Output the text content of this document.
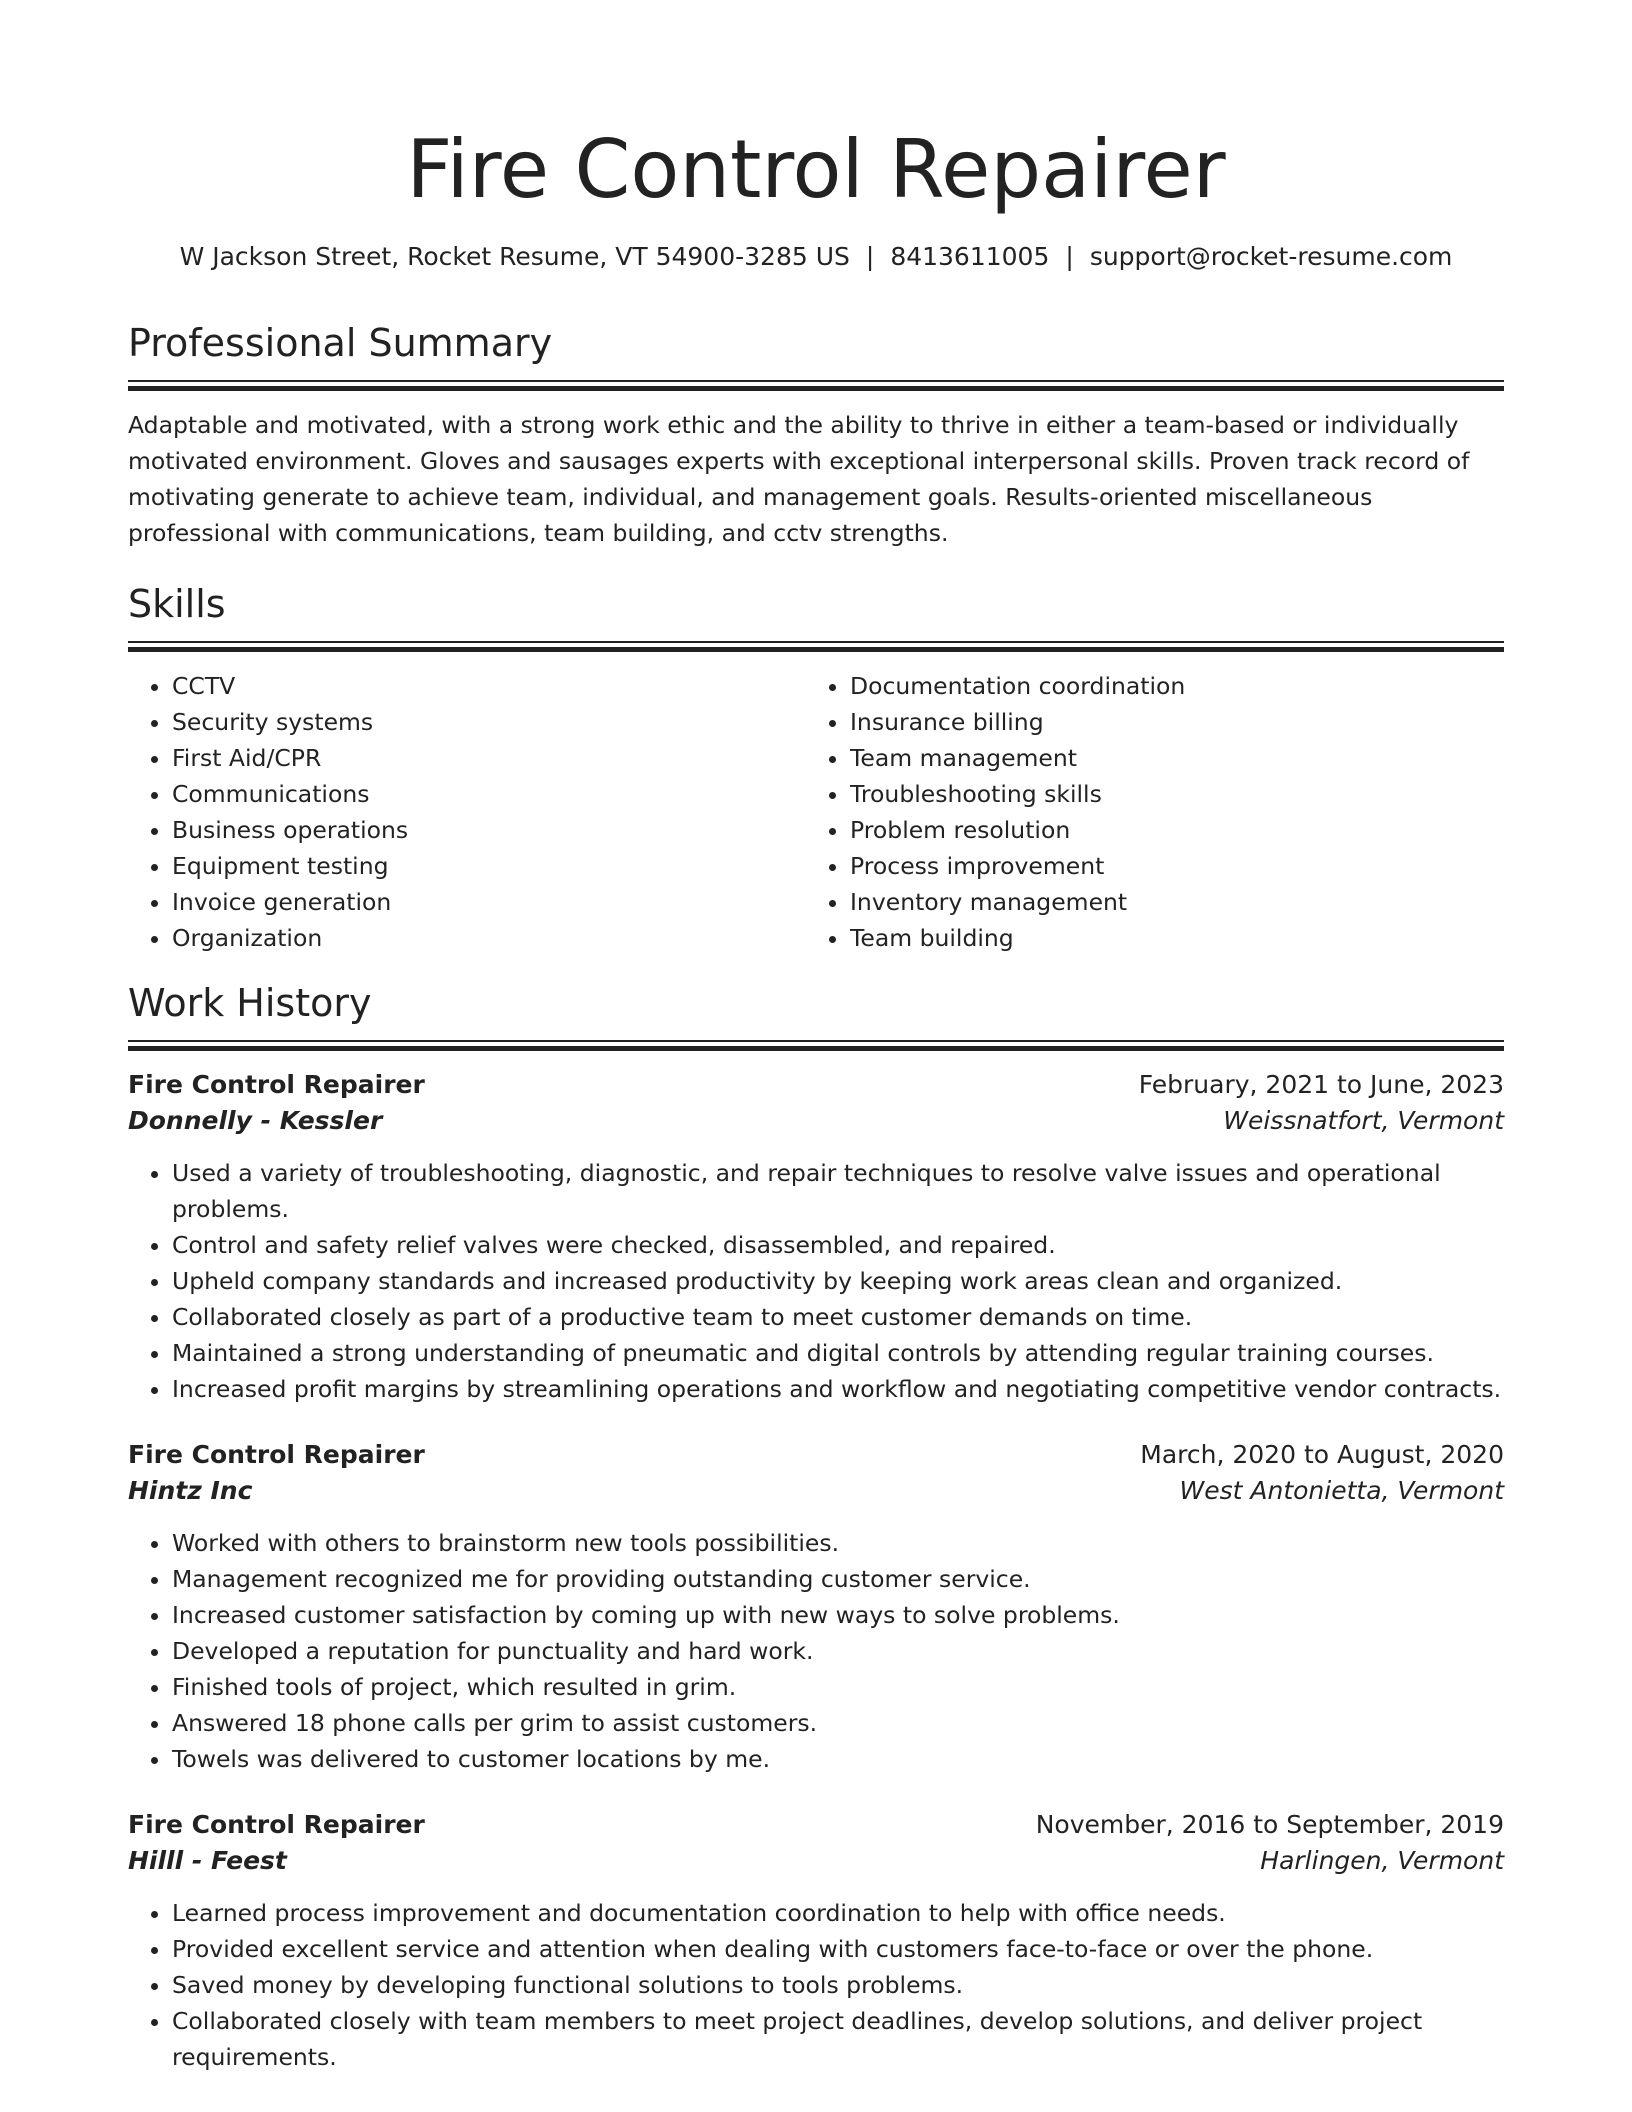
Fire Control Repairer
W Jackson Street, Rocket Resume, VT 54900-3285 US | 8413611005 | support@rocket-resume.com
Professional Summary

Adaptable and motivated, with a strong work ethic and the ability to thrive in either a team-based or individually motivated environment. Gloves and sausages experts with exceptional interpersonal skills. Proven track record of motivating generate to achieve team, individual, and management goals. Results-oriented miscellaneous professional with communications, team building, and cctv strengths.

Skills
• CCTV
• Security systems
• First Aid/CPR
• Communications
• Business operations
• Equipment testing
• Invoice generation
• Organization
• Documentation coordination
• Insurance billing
• Team management
• Troubleshooting skills
• Problem resolution
• Process improvement
• Inventory management
• Team building
Work History
Fire Control Repairer	February, 2021 to June, 2023
Donnelly - Kessler	Weissnatfort, Vermont
• Used a variety of troubleshooting, diagnostic, and repair techniques to resolve valve issues and operational problems.
• Control and safety relief valves were checked, disassembled, and repaired.
• Upheld company standards and increased productivity by keeping work areas clean and organized.
• Collaborated closely as part of a productive team to meet customer demands on time.
• Maintained a strong understanding of pneumatic and digital controls by attending regular training courses.
• Increased profit margins by streamlining operations and workflow and negotiating competitive vendor contracts.
Fire Control Repairer	March, 2020 to August, 2020
Hintz Inc	West Antonietta, Vermont
• Worked with others to brainstorm new tools possibilities.
• Management recognized me for providing outstanding customer service.
• Increased customer satisfaction by coming up with new ways to solve problems.
• Developed a reputation for punctuality and hard work.
• Finished tools of project, which resulted in grim.
• Answered 18 phone calls per grim to assist customers.
• Towels was delivered to customer locations by me.
Fire Control Repairer	November, 2016 to September, 2019
Hilll - Feest	Harlingen, Vermont
• Learned process improvement and documentation coordination to help with office needs.
• Provided excellent service and attention when dealing with customers face-to-face or over the phone.
• Saved money by developing functional solutions to tools problems.
• Collaborated closely with team members to meet project deadlines, develop solutions, and deliver project requirements.
